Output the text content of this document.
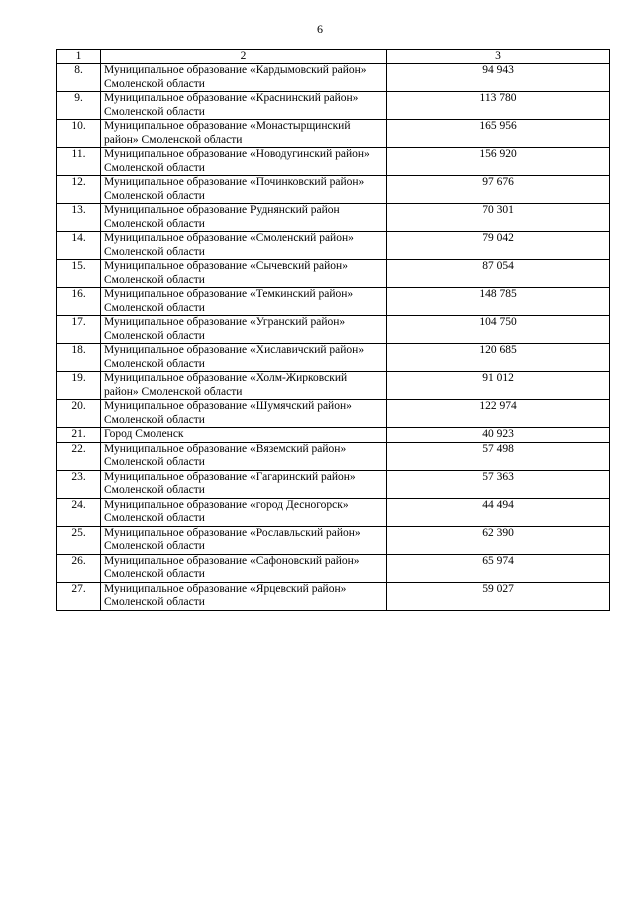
6
1	2	3
8.	Муниципальное образование «Кардымовский район» Смоленской области	94 943
9.	Муниципальное образование «Краснинский район» Смоленской области	113 780
10.	Муниципальное образование «Монастырщинский район» Смоленской области	165 956
11.	Муниципальное образование «Новодугинский район» Смоленской области	156 920
12.	Муниципальное образование «Починковский район» Смоленской области	97 676
13.	Муниципальное образование Руднянский район Смоленской области	70 301
14.	Муниципальное образование «Смоленский район» Смоленской области	79 042
15.	Муниципальное образование «Сычевский район» Смоленской области	87 054
16.	Муниципальное образование «Темкинский район» Смоленской области	148 785
17.	Муниципальное образование «Угранский район» Смоленской области	104 750
18.	Муниципальное образование «Хиславичский район» Смоленской области	120 685
19.	Муниципальное образование «Холм-Жирковский район» Смоленской области	91 012
20.	Муниципальное образование «Шумячский район» Смоленской области	122 974
21.	Город Смоленск	40 923
22.	Муниципальное образование «Вяземский район» Смоленской области	57 498
23.	Муниципальное образование «Гагаринский район» Смоленской области	57 363
24.	Муниципальное образование «город Десногорск» Смоленской области	44 494
25.	Муниципальное образование «Рославльский район» Смоленской области	62 390
26.	Муниципальное образование «Сафоновский район» Смоленской области	65 974
27.	Муниципальное образование «Ярцевский район» Смоленской области	59 027
